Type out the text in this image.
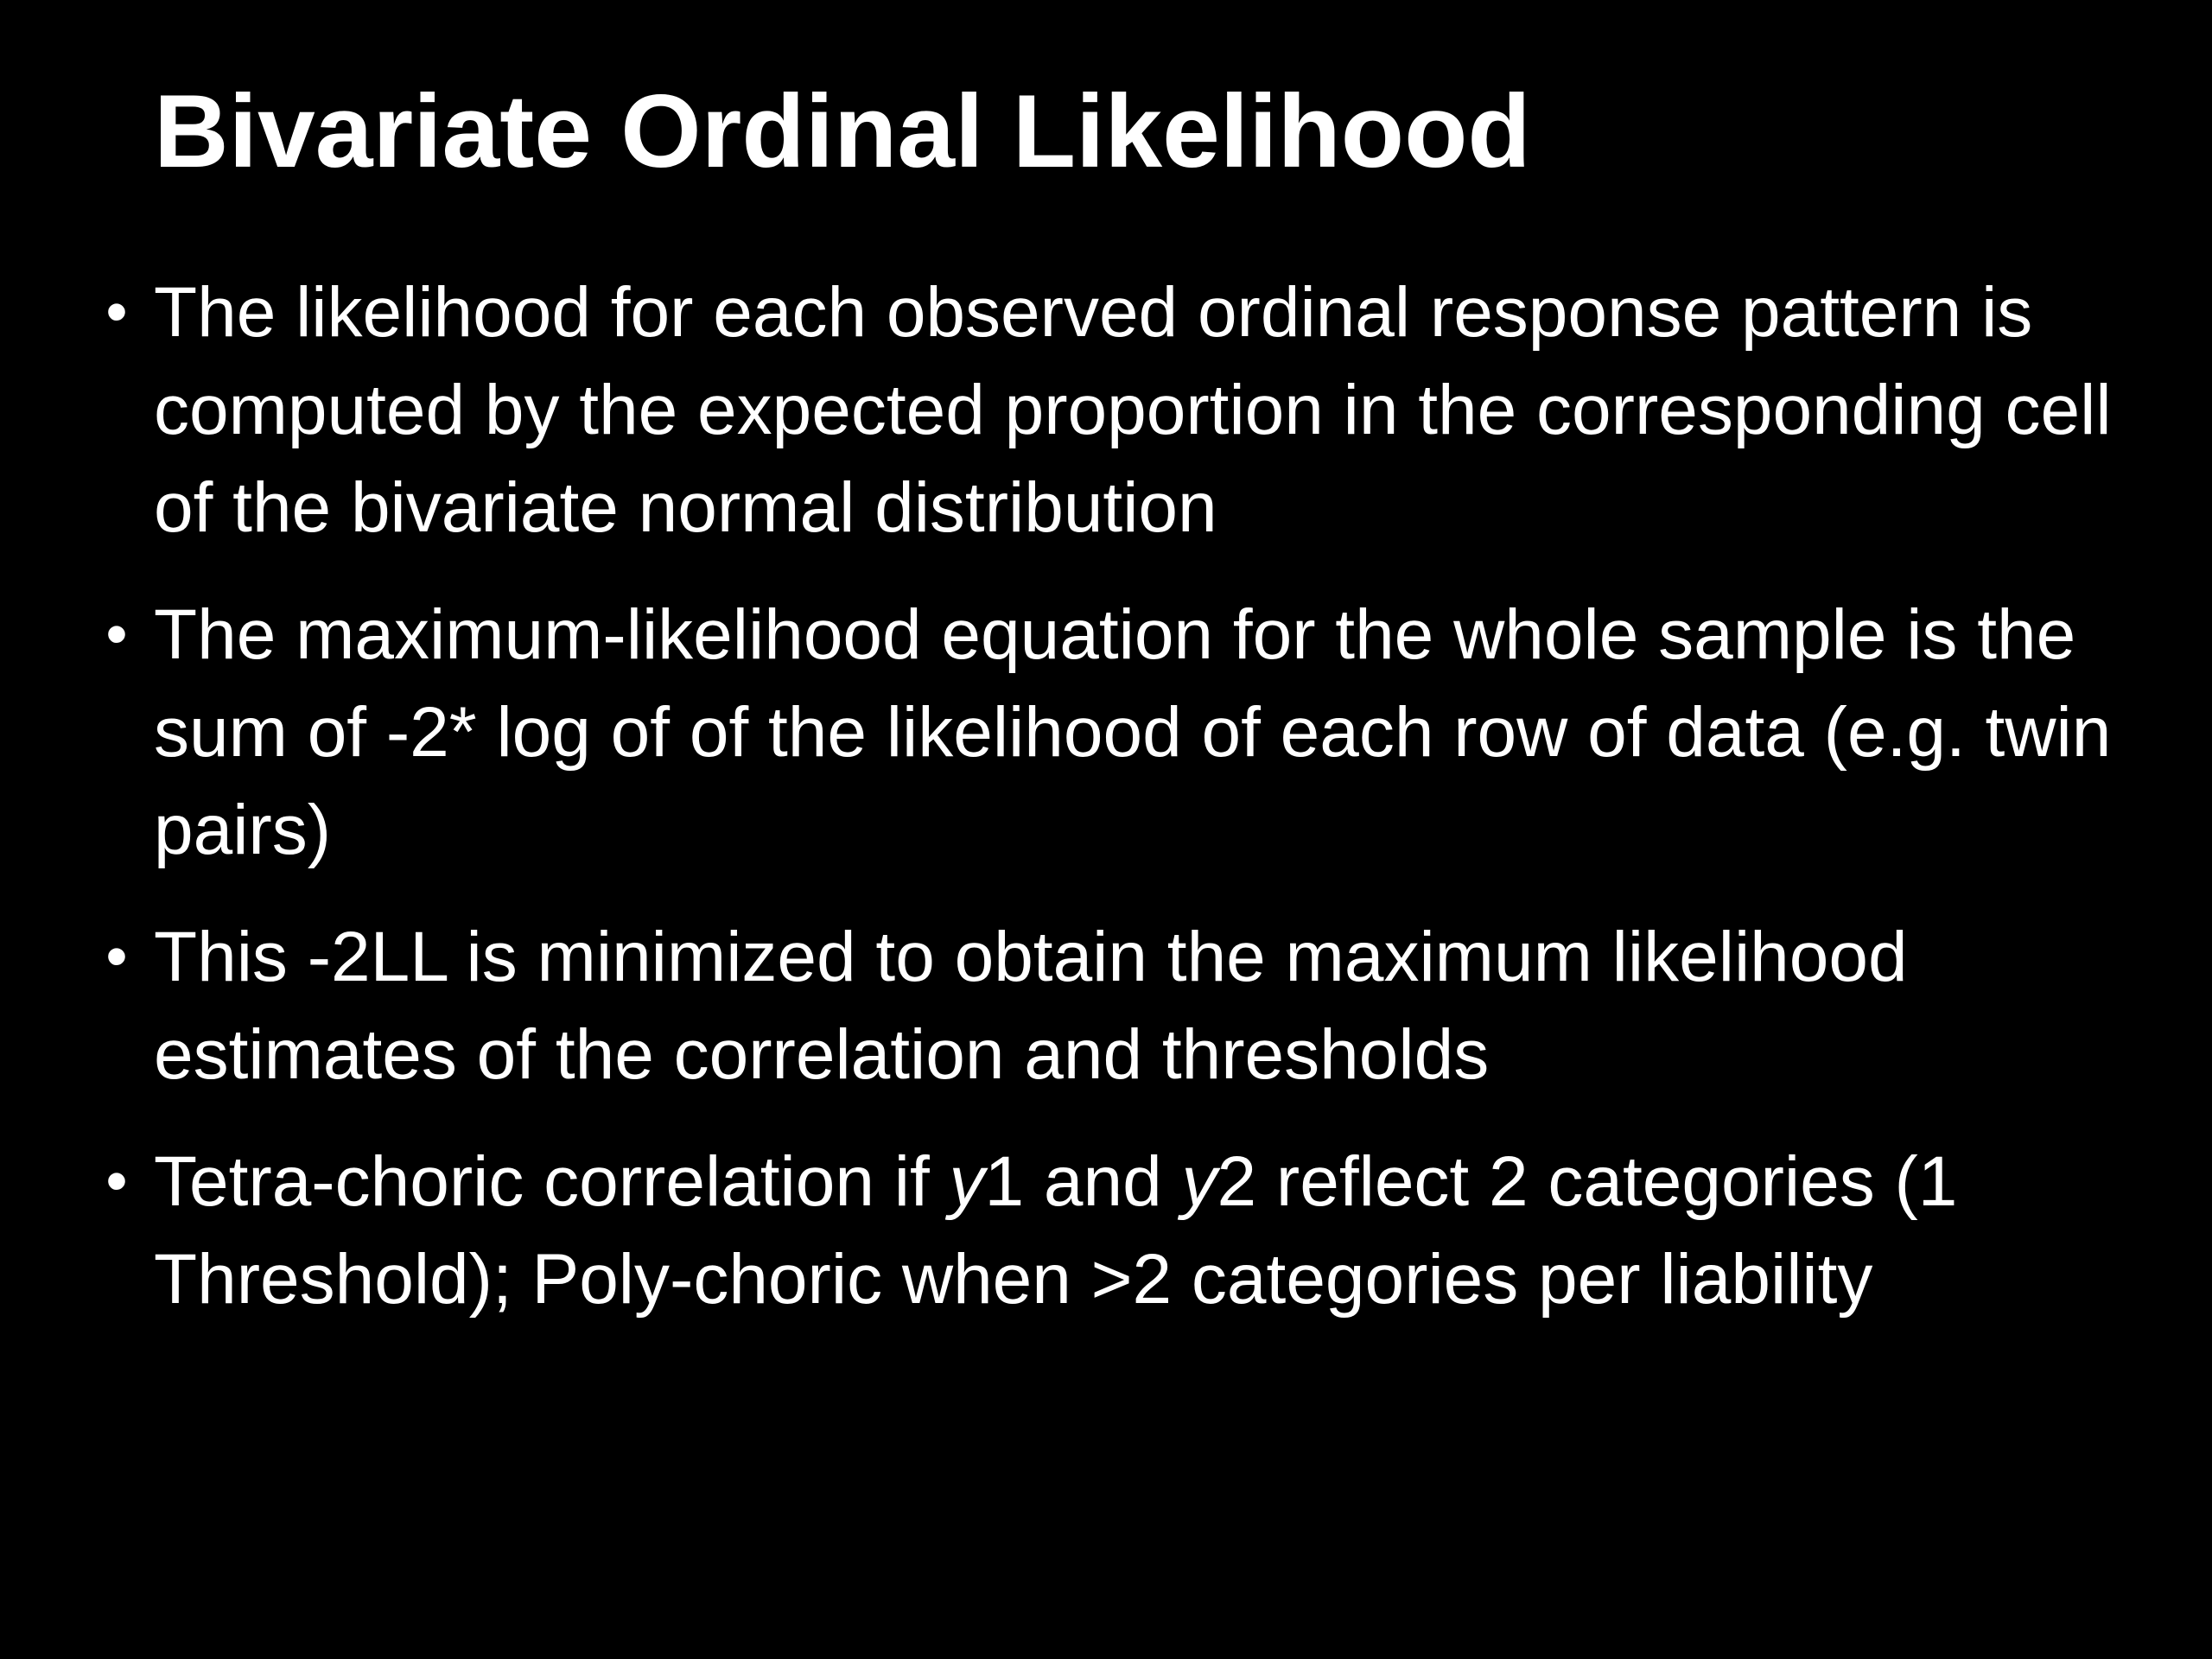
Bivariate Ordinal Likelihood
• The likelihood for each observed ordinal response pattern is computed by the expected proportion in the corresponding cell of the bivariate normal distribution
• The maximum-likelihood equation for the whole sample is the sum of -2* log of of the likelihood of each row of data (e.g. twin pairs)
• This -2LL is minimized to obtain the maximum likelihood estimates of the correlation and thresholds
• Tetra-choric correlation if y1 and y2 reflect 2 categories (1 Threshold); Poly-choric when >2 categories per liability
